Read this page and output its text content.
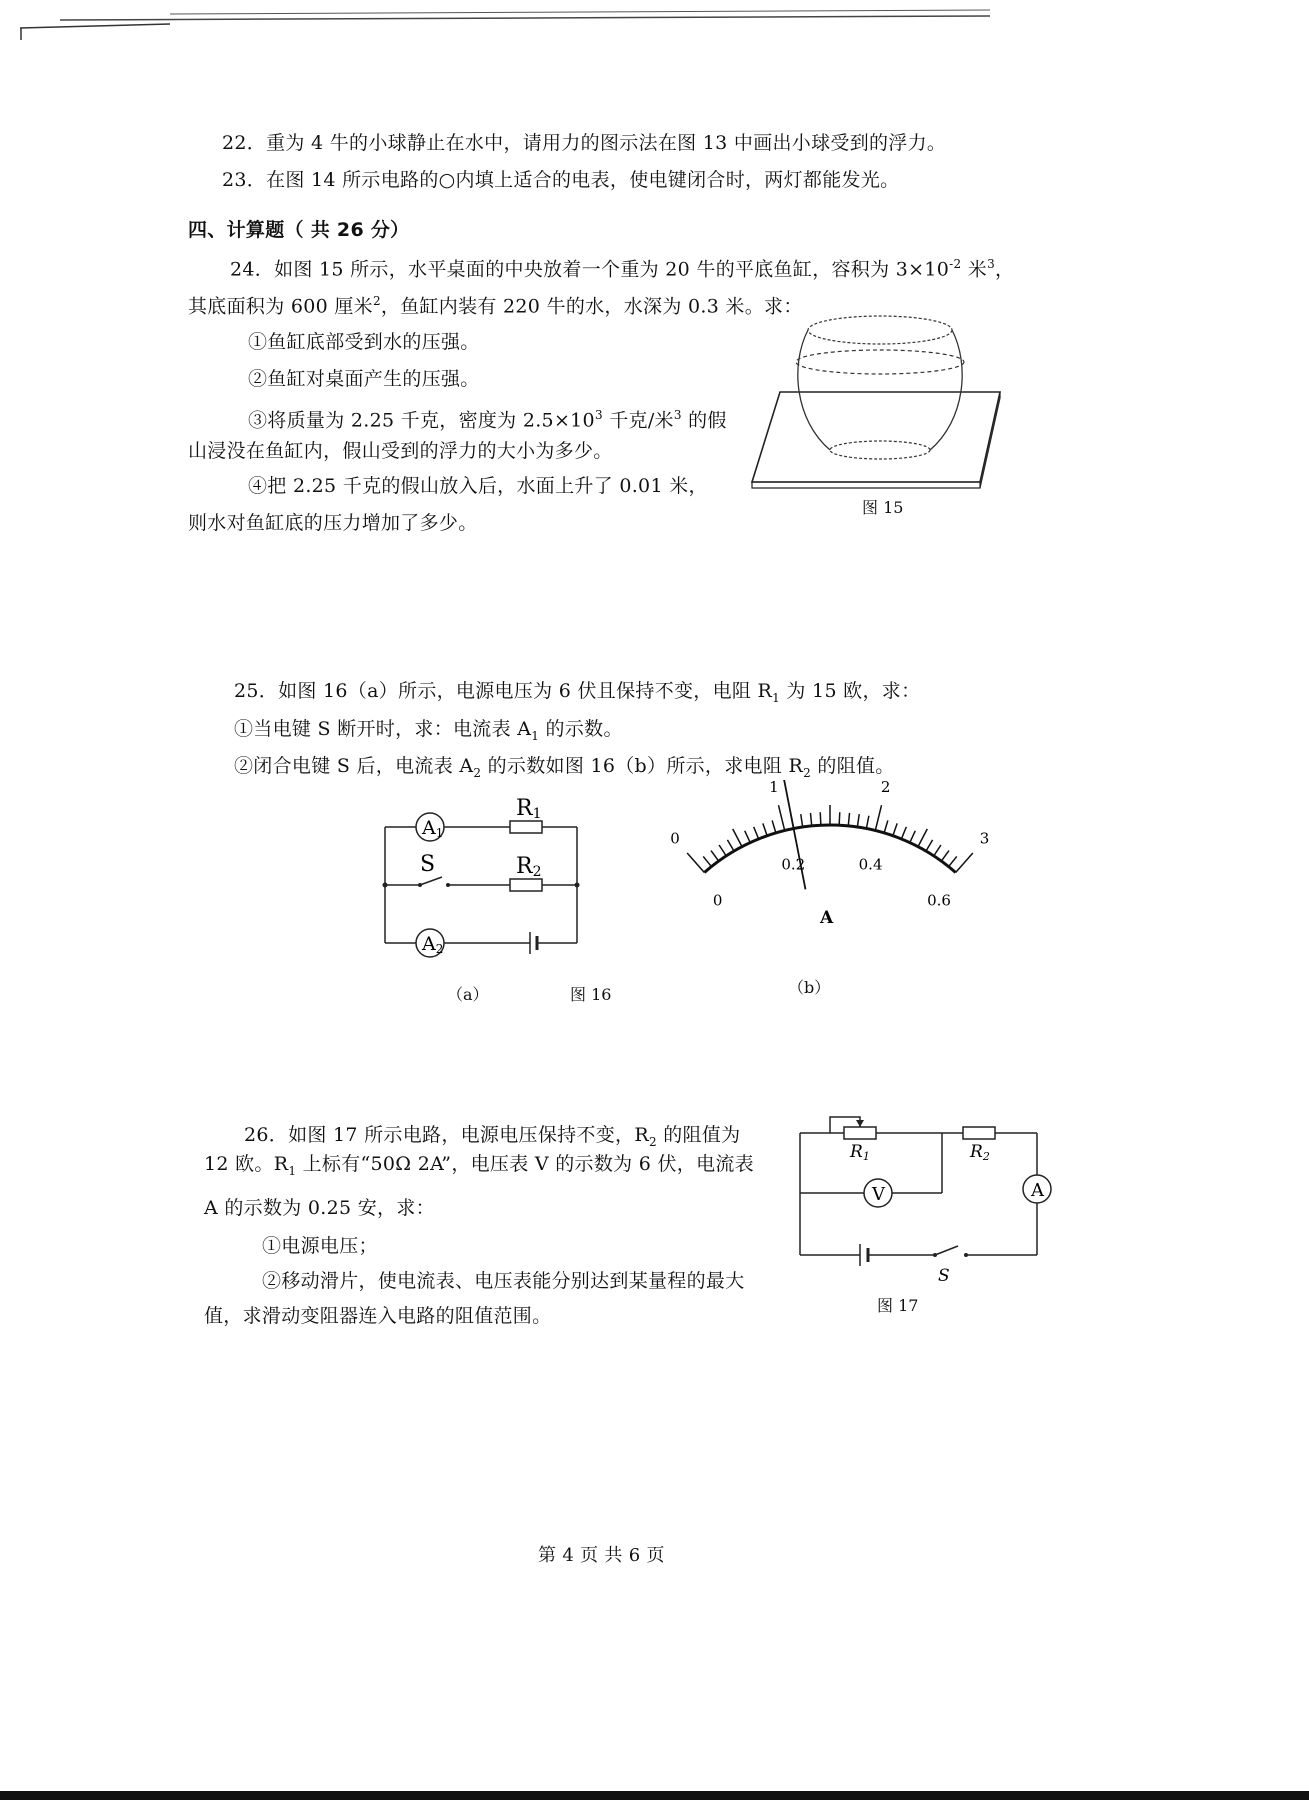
22．重为 4 牛的小球静止在水中，请用力的图示法在图 13 中画出小球受到的浮力。
23．在图 14 所示电路的○内填上适合的电表，使电键闭合时，两灯都能发光。
四、计算题（ 共 26 分）
24．如图 15 所示，水平桌面的中央放着一个重为 20 牛的平底鱼缸，容积为 $3\times 10^{-2}$ 米$^3$，
其底面积为 600 厘米$^2$，鱼缸内装有 220 牛的水，水深为 0.3 米。求：
①鱼缸底部受到水的压强。
②鱼缸对桌面产生的压强。
③将质量为 2.25 千克，密度为 $2.5\times 10^3$ 千克/米$^3$ 的假
山浸没在鱼缸内，假山受到的浮力的大小为多少。
④把 2.25 千克的假山放入后，水面上升了 0.01 米，
则水对鱼缸底的压力增加了多少。
图 15
25．如图 16（a）所示，电源电压为 6 伏且保持不变，电阻 $R_1$ 为 15 欧，求：
①当电键 S 断开时，求：电流表 $A_1$ 的示数。
②闭合电键 S 后，电流表 $A_2$ 的示数如图 16（b）所示，求电阻 $R_2$ 的阻值。
A1
A2
R1
R2
S
（a）	图 16
0
1	2
3
0
0.2	0.4
0.6
A
（b）
26．如图 17 所示电路，电源电压保持不变，$R_2$ 的阻值为
12 欧。$R_1$ 上标有“50Ω 2A”，电压表 V 的示数为 6 伏，电流表
A 的示数为 0.25 安，求：
①电源电压；
②移动滑片，使电流表、电压表能分别达到某量程的最大
值，求滑动变阻器连入电路的阻值范围。
R1	R2
V	A
S
图 17
第 4 页 共 6 页
